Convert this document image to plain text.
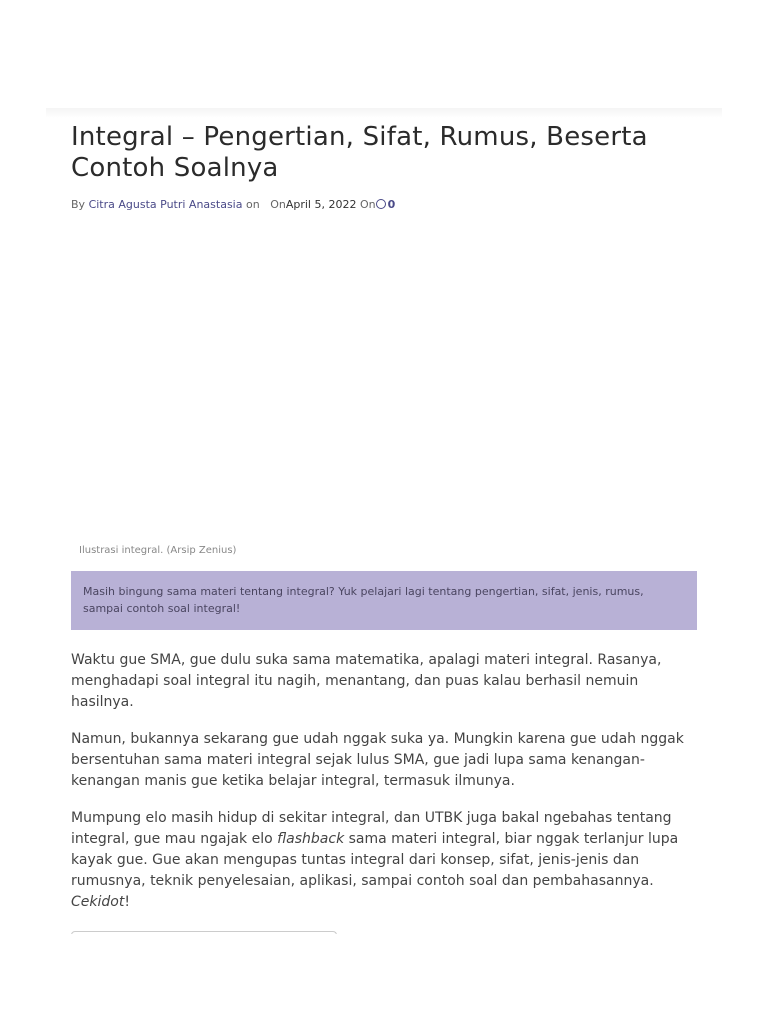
Integral – Pengertian, Sifat, Rumus, Beserta Contoh Soalnya
By Citra Agusta Putri Anastasia on OnApril 5, 2022 On 0
Ilustrasi integral. (Arsip Zenius)
Masih bingung sama materi tentang integral? Yuk pelajari lagi tentang pengertian, sifat, jenis, rumus, sampai contoh soal integral!

Waktu gue SMA, gue dulu suka sama matematika, apalagi materi integral. Rasanya, menghadapi soal integral itu nagih, menantang, dan puas kalau berhasil nemuin hasilnya.

Namun, bukannya sekarang gue udah nggak suka ya. Mungkin karena gue udah nggak bersentuhan sama materi integral sejak lulus SMA, gue jadi lupa sama kenangan-kenangan manis gue ketika belajar integral, termasuk ilmunya.

Mumpung elo masih hidup di sekitar integral, dan UTBK juga bakal ngebahas tentang integral, gue mau ngajak elo flashback sama materi integral, biar nggak terlanjur lupa kayak gue. Gue akan mengupas tuntas integral dari konsep, sifat, jenis-jenis dan rumusnya, teknik penyelesaian, aplikasi, sampai contoh soal dan pembahasannya. Cekidot!
